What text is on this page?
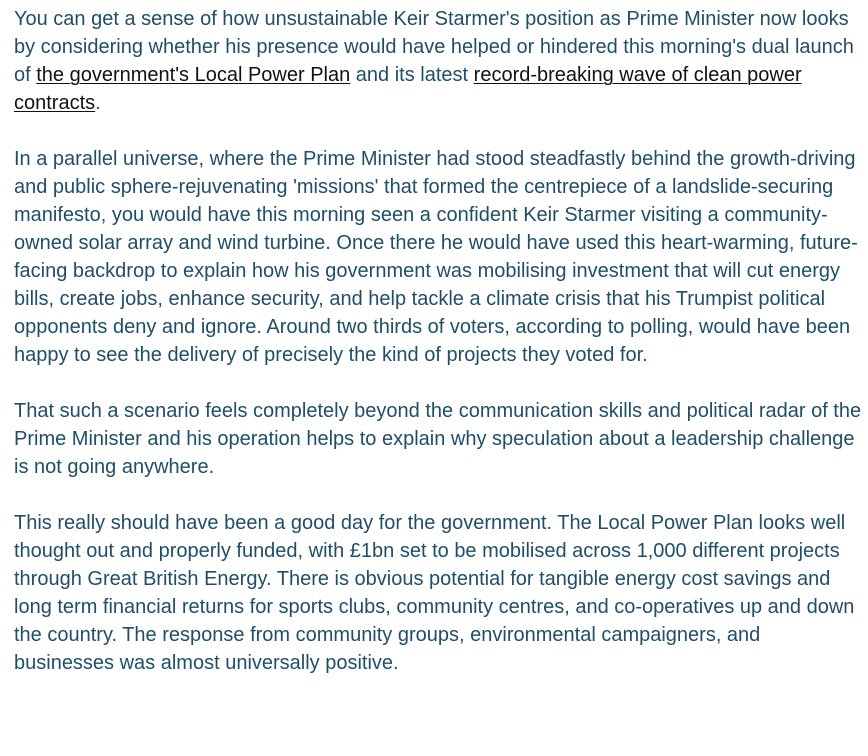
You can get a sense of how unsustainable Keir Starmer's position as Prime Minister now looks by considering whether his presence would have helped or hindered this morning's dual launch of the government's Local Power Plan and its latest record-breaking wave of clean power contracts.

In a parallel universe, where the Prime Minister had stood steadfastly behind the growth-driving and public sphere-rejuvenating 'missions' that formed the centrepiece of a landslide-securing manifesto, you would have this morning seen a confident Keir Starmer visiting a community-owned solar array and wind turbine. Once there he would have used this heart-warming, future-facing backdrop to explain how his government was mobilising investment that will cut energy bills, create jobs, enhance security, and help tackle a climate crisis that his Trumpist political opponents deny and ignore. Around two thirds of voters, according to polling, would have been happy to see the delivery of precisely the kind of projects they voted for.

That such a scenario feels completely beyond the communication skills and political radar of the Prime Minister and his operation helps to explain why speculation about a leadership challenge is not going anywhere.

This really should have been a good day for the government. The Local Power Plan looks well thought out and properly funded, with £1bn set to be mobilised across 1,000 different projects through Great British Energy. There is obvious potential for tangible energy cost savings and long term financial returns for sports clubs, community centres, and co-operatives up and down the country. The response from community groups, environmental campaigners, and businesses was almost universally positive.
